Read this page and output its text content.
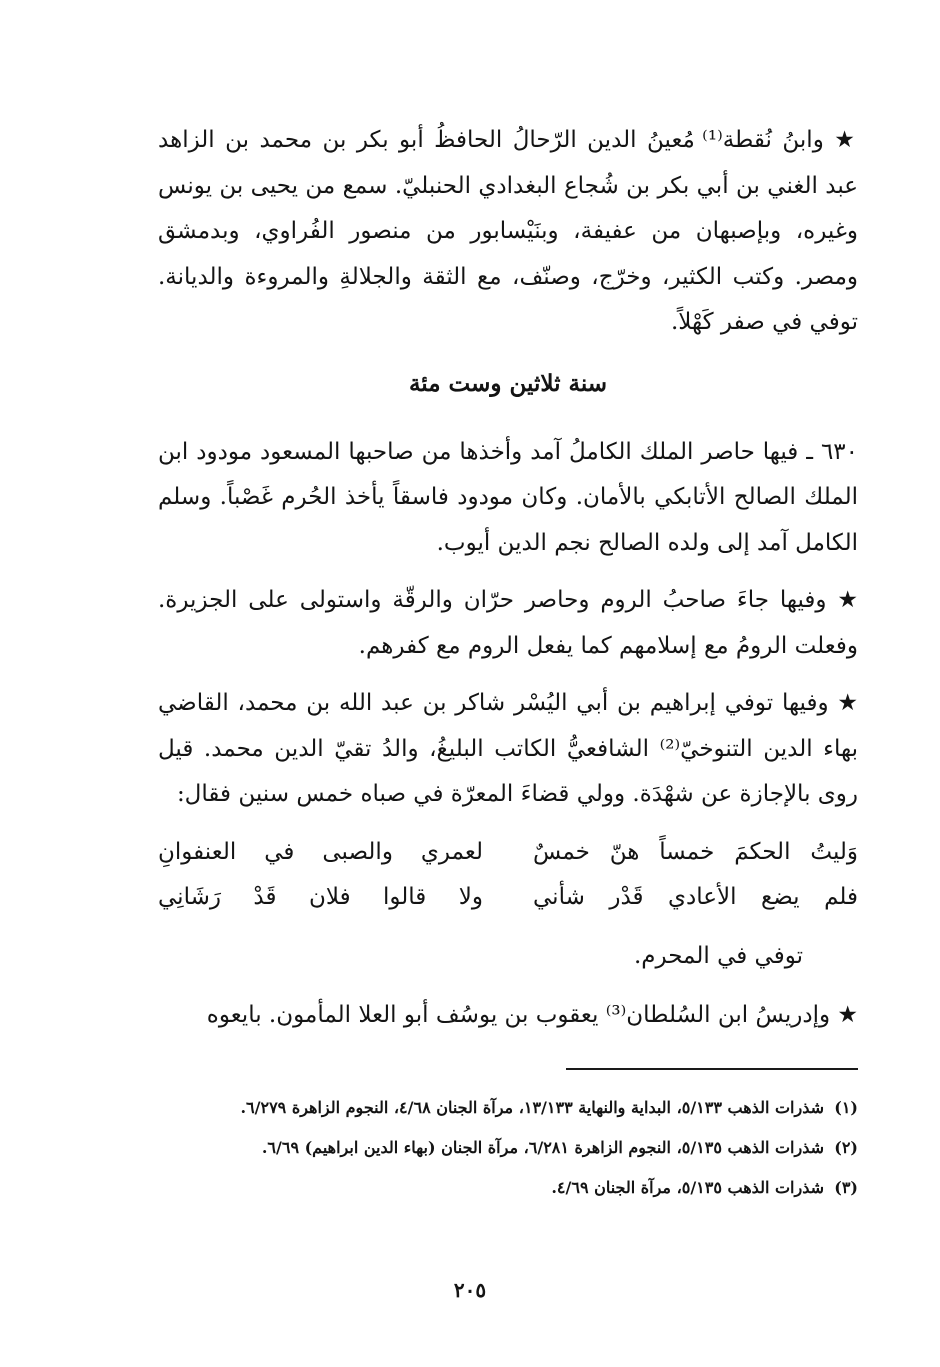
★ وابنُ نُقطة⁽¹⁾ مُعينُ الدين الرّحالُ الحافظُ أبو بكر بن محمد بن الزاهد عبد الغني بن أبي بكر بن شُجاع البغدادي الحنبليّ. سمع من يحيى بن يونس وغيره، وبإصبهان من عفيفة، وبنَيْسابور من منصور الفُراوي، وبدمشق ومصر. وكتب الكثير، وخرّج، وصنّف، مع الثقة والجلالةِ والمروءة والديانة. توفي في صفر كَهْلاً.

سنة ثلاثين وست مئة

٦٣٠ ـ فيها حاصر الملك الكاملُ آمد وأخذها من صاحبها المسعود مودود ابن الملك الصالح الأتابكي بالأمان. وكان مودود فاسقاً يأخذ الحُرم غَصْباً. وسلم الكامل آمد إلى ولده الصالح نجم الدين أيوب.

★ وفيها جاءَ صاحبُ الروم وحاصر حرّان والرقّة واستولى على الجزيرة. وفعلت الرومُ مع إسلامهم كما يفعل الروم مع كفرهم.

★ وفيها توفي إبراهيم بن أبي اليُسْر شاكر بن عبد الله بن محمد، القاضي بهاء الدين التنوخيّ⁽²⁾ الشافعيُّ الكاتب البليغُ، والدُ تقيّ الدين محمد. قيل روى بالإجازة عن شهْدَة. وولي قضاءَ المعرّة في صباه خمس سنين فقال:

وَليتُ الحكمَ خمساً هنّ خمسٌ
لعمري والصبى في العنفوانِ
فلم يضع الأعادي قَدْر شأني
ولا قالوا فلان قَدْ رَشَانِي

توفي في المحرم.

★ وإدريسُ ابن السُلطان⁽³⁾ يعقوب بن يوسُف أبو العلا المأمون. بايعوه

(١)
شذرات الذهب ٥/١٣٣، البداية والنهاية ١٣/١٣٣، مرآة الجنان ٤/٦٨، النجوم الزاهرة ٦/٢٧٩.
(٢)
شذرات الذهب ٥/١٣٥، النجوم الزاهرة ٦/٢٨١، مرآة الجنان (بهاء الدين ابراهيم) ٦/٦٩.
(٣)
شذرات الذهب ٥/١٣٥، مرآة الجنان ٤/٦٩.
٢٠٥
